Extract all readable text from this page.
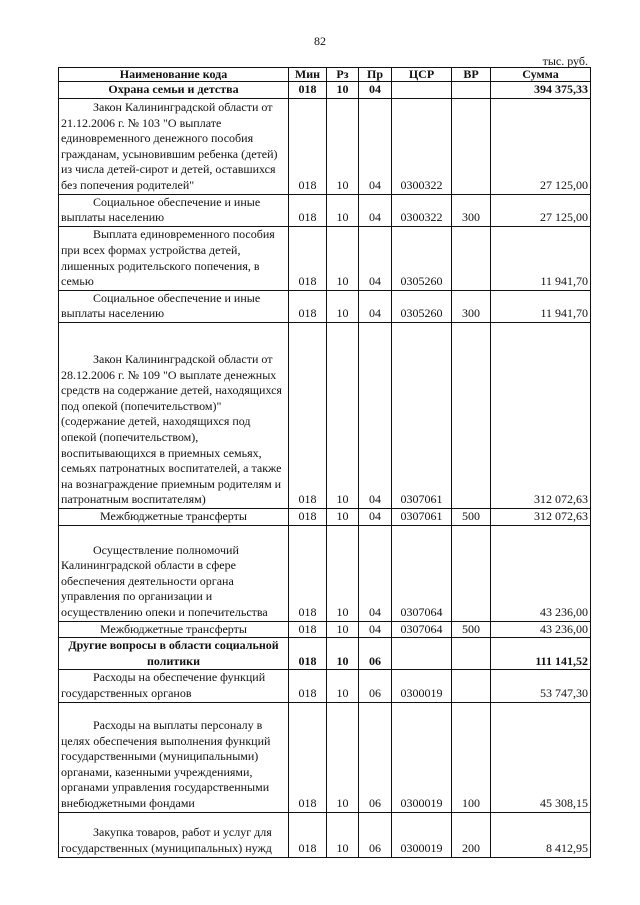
82
тыс. руб.
Наименование кода	Мин	Рз	Пр	ЦСР	ВР	Сумма
Охрана семьи и детства	018	10	04			394 375,33
Закон Калининградской области от 21.12.2006 г. № 103 "О выплате единовременного денежного пособия гражданам, усыновившим ребенка (детей) из числа детей-сирот и детей, оставшихся без попечения родителей"	018	10	04	0300322		27 125,00
Социальное обеспечение и иные выплаты населению	018	10	04	0300322	300	27 125,00
Выплата единовременного пособия при всех формах устройства детей, лишенных родительского попечения, в семью	018	10	04	0305260		11 941,70
Социальное обеспечение и иные выплаты населению	018	10	04	0305260	300	11 941,70
Закон Калининградской области от 28.12.2006 г. № 109 "О выплате денежных средств на содержание детей, находящихся под опекой (попечительством)" (содержание детей, находящихся под опекой (попечительством), воспитывающихся в приемных семьях, семьях патронатных воспитателей, а также на вознаграждение приемным родителям и патронатным воспитателям)	018	10	04	0307061		312 072,63
Межбюджетные трансферты	018	10	04	0307061	500	312 072,63
Осуществление полномочий Калининградской области в сфере обеспечения деятельности органа управления по организации и осуществлению опеки и попечительства	018	10	04	0307064		43 236,00
Межбюджетные трансферты	018	10	04	0307064	500	43 236,00
Другие вопросы в области социальной политики	018	10	06			111 141,52
Расходы на обеспечение функций государственных органов	018	10	06	0300019		53 747,30
Расходы на выплаты персоналу в целях обеспечения выполнения функций государственными (муниципальными) органами, казенными учреждениями, органами управления государственными внебюджетными фондами	018	10	06	0300019	100	45 308,15
Закупка товаров, работ и услуг для государственных (муниципальных) нужд	018	10	06	0300019	200	8 412,95
